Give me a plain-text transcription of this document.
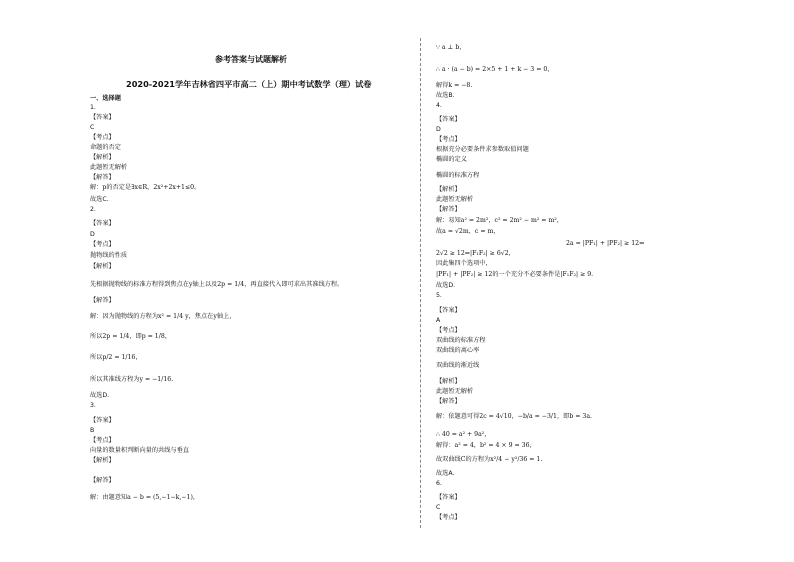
参考答案与试题解析
2020-2021学年吉林省四平市高二（上）期中考试数学（理）试卷
一、选择题
1.
【答案】
C
【考点】
命题的否定
【解析】
此题暂无解析
【解答】
解：p的否定是∃x∈R，2x²+2x+1≤0。
故选C.
2.
【答案】
D
【考点】
抛物线的性质
【解析】
先根据抛物线的标准方程得到焦点在y轴上以及2p = 1/4，再直接代入即可求出其准线方程。
【解答】
解：因为抛物线的方程为x² = 1/4 y，焦点在y轴上，
所以2p = 1/4，即p = 1/8，
所以p/2 = 1/16，
所以其准线方程为y = −1/16.
故选D.
3.
【答案】
B
【考点】
向量的数量积判断向量的共线与垂直
【解析】
【解答】
解：由题意知a − b = (5,−1−k,−1)，
∵ a ⊥ b，
∴ a · (a − b) = 2×5 + 1 + k − 3 = 0，
解得k = −8.
故选B.
4.
【答案】
D
【考点】
根据充分必要条件求参数取值问题
椭圆的定义
椭圆的标准方程
【解析】
此题暂无解析
【解答】
解：易知a² = 2m²，c² = 2m² − m² = m²，
故a = √2m，c = m，
2a = |PF₁| + |PF₂| ≥ 12⇔
2√2 ≥ 12⇔|F₁F₂| ≥ 6√2，
因此集四个选项中，
|PF₁| + |PF₂| ≥ 12的一个充分不必要条件是|F₁F₂| ≥ 9.
故选D.
5.
【答案】
A
【考点】
双曲线的标准方程
双曲线的离心率
双曲线的渐近线
【解析】
此题暂无解析
【解答】
解：依题意可得2c = 4√10，−b/a = −3/1，即b = 3a.
∴ 40 = a² + 9a²，
解得：a² = 4，b² = 4 × 9 = 36，
故双曲线C的方程为x²/4 − y²/36 = 1.
故选A.
6.
【答案】
C
【考点】
